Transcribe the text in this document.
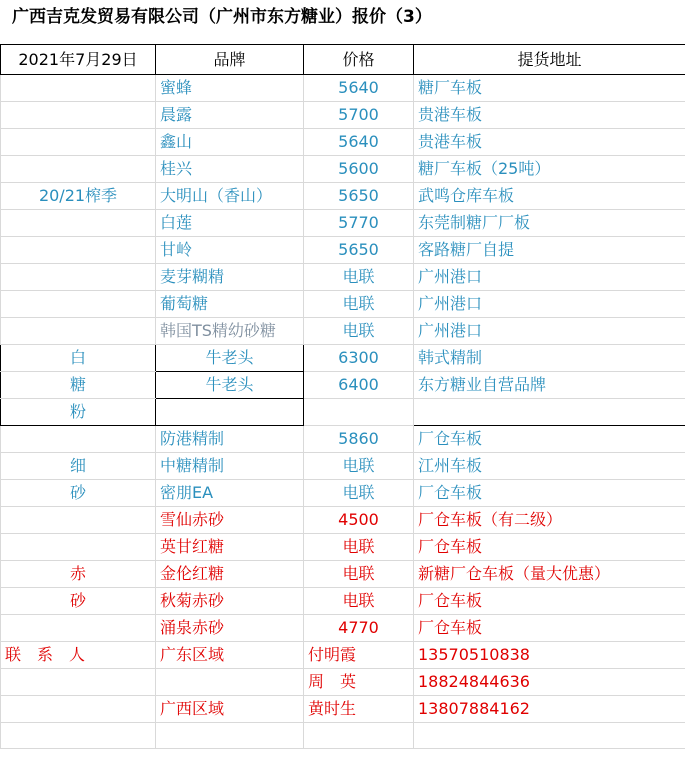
广西吉克发贸易有限公司（广州市东方糖业）报价（3）
2021年7月29日	品牌	价格	提货地址
	蜜蜂	5640	糖厂车板
	晨露	5700	贵港车板
	鑫山	5640	贵港车板
	桂兴	5600	糖厂车板（25吨）
20/21榨季	大明山（香山）	5650	武鸣仓库车板
	白莲	5770	东莞制糖厂厂板
	甘岭	5650	客路糖厂自提
	麦芽糊精	电联	广州港口
	葡萄糖	电联	广州港口
	韩国TS精幼砂糖	电联	广州港口
白	牛老头	6300	韩式精制
糖	牛老头	6400	东方糖业自营品牌
粉			
	防港精制	5860	厂仓车板
细	中糖精制	电联	江州车板
砂	密朋EA	电联	厂仓车板
	雪仙赤砂	4500	厂仓车板（有二级）
	英甘红糖	电联	厂仓车板
赤	金伦红糖	电联	新糖厂仓车板（量大优惠）
砂	秋菊赤砂	电联	厂仓车板
	涌泉赤砂	4770	厂仓车板
联　系　人	广东区域	付明霞	13570510838
		周　英	18824844636
	广西区域	黄时生	13807884162
